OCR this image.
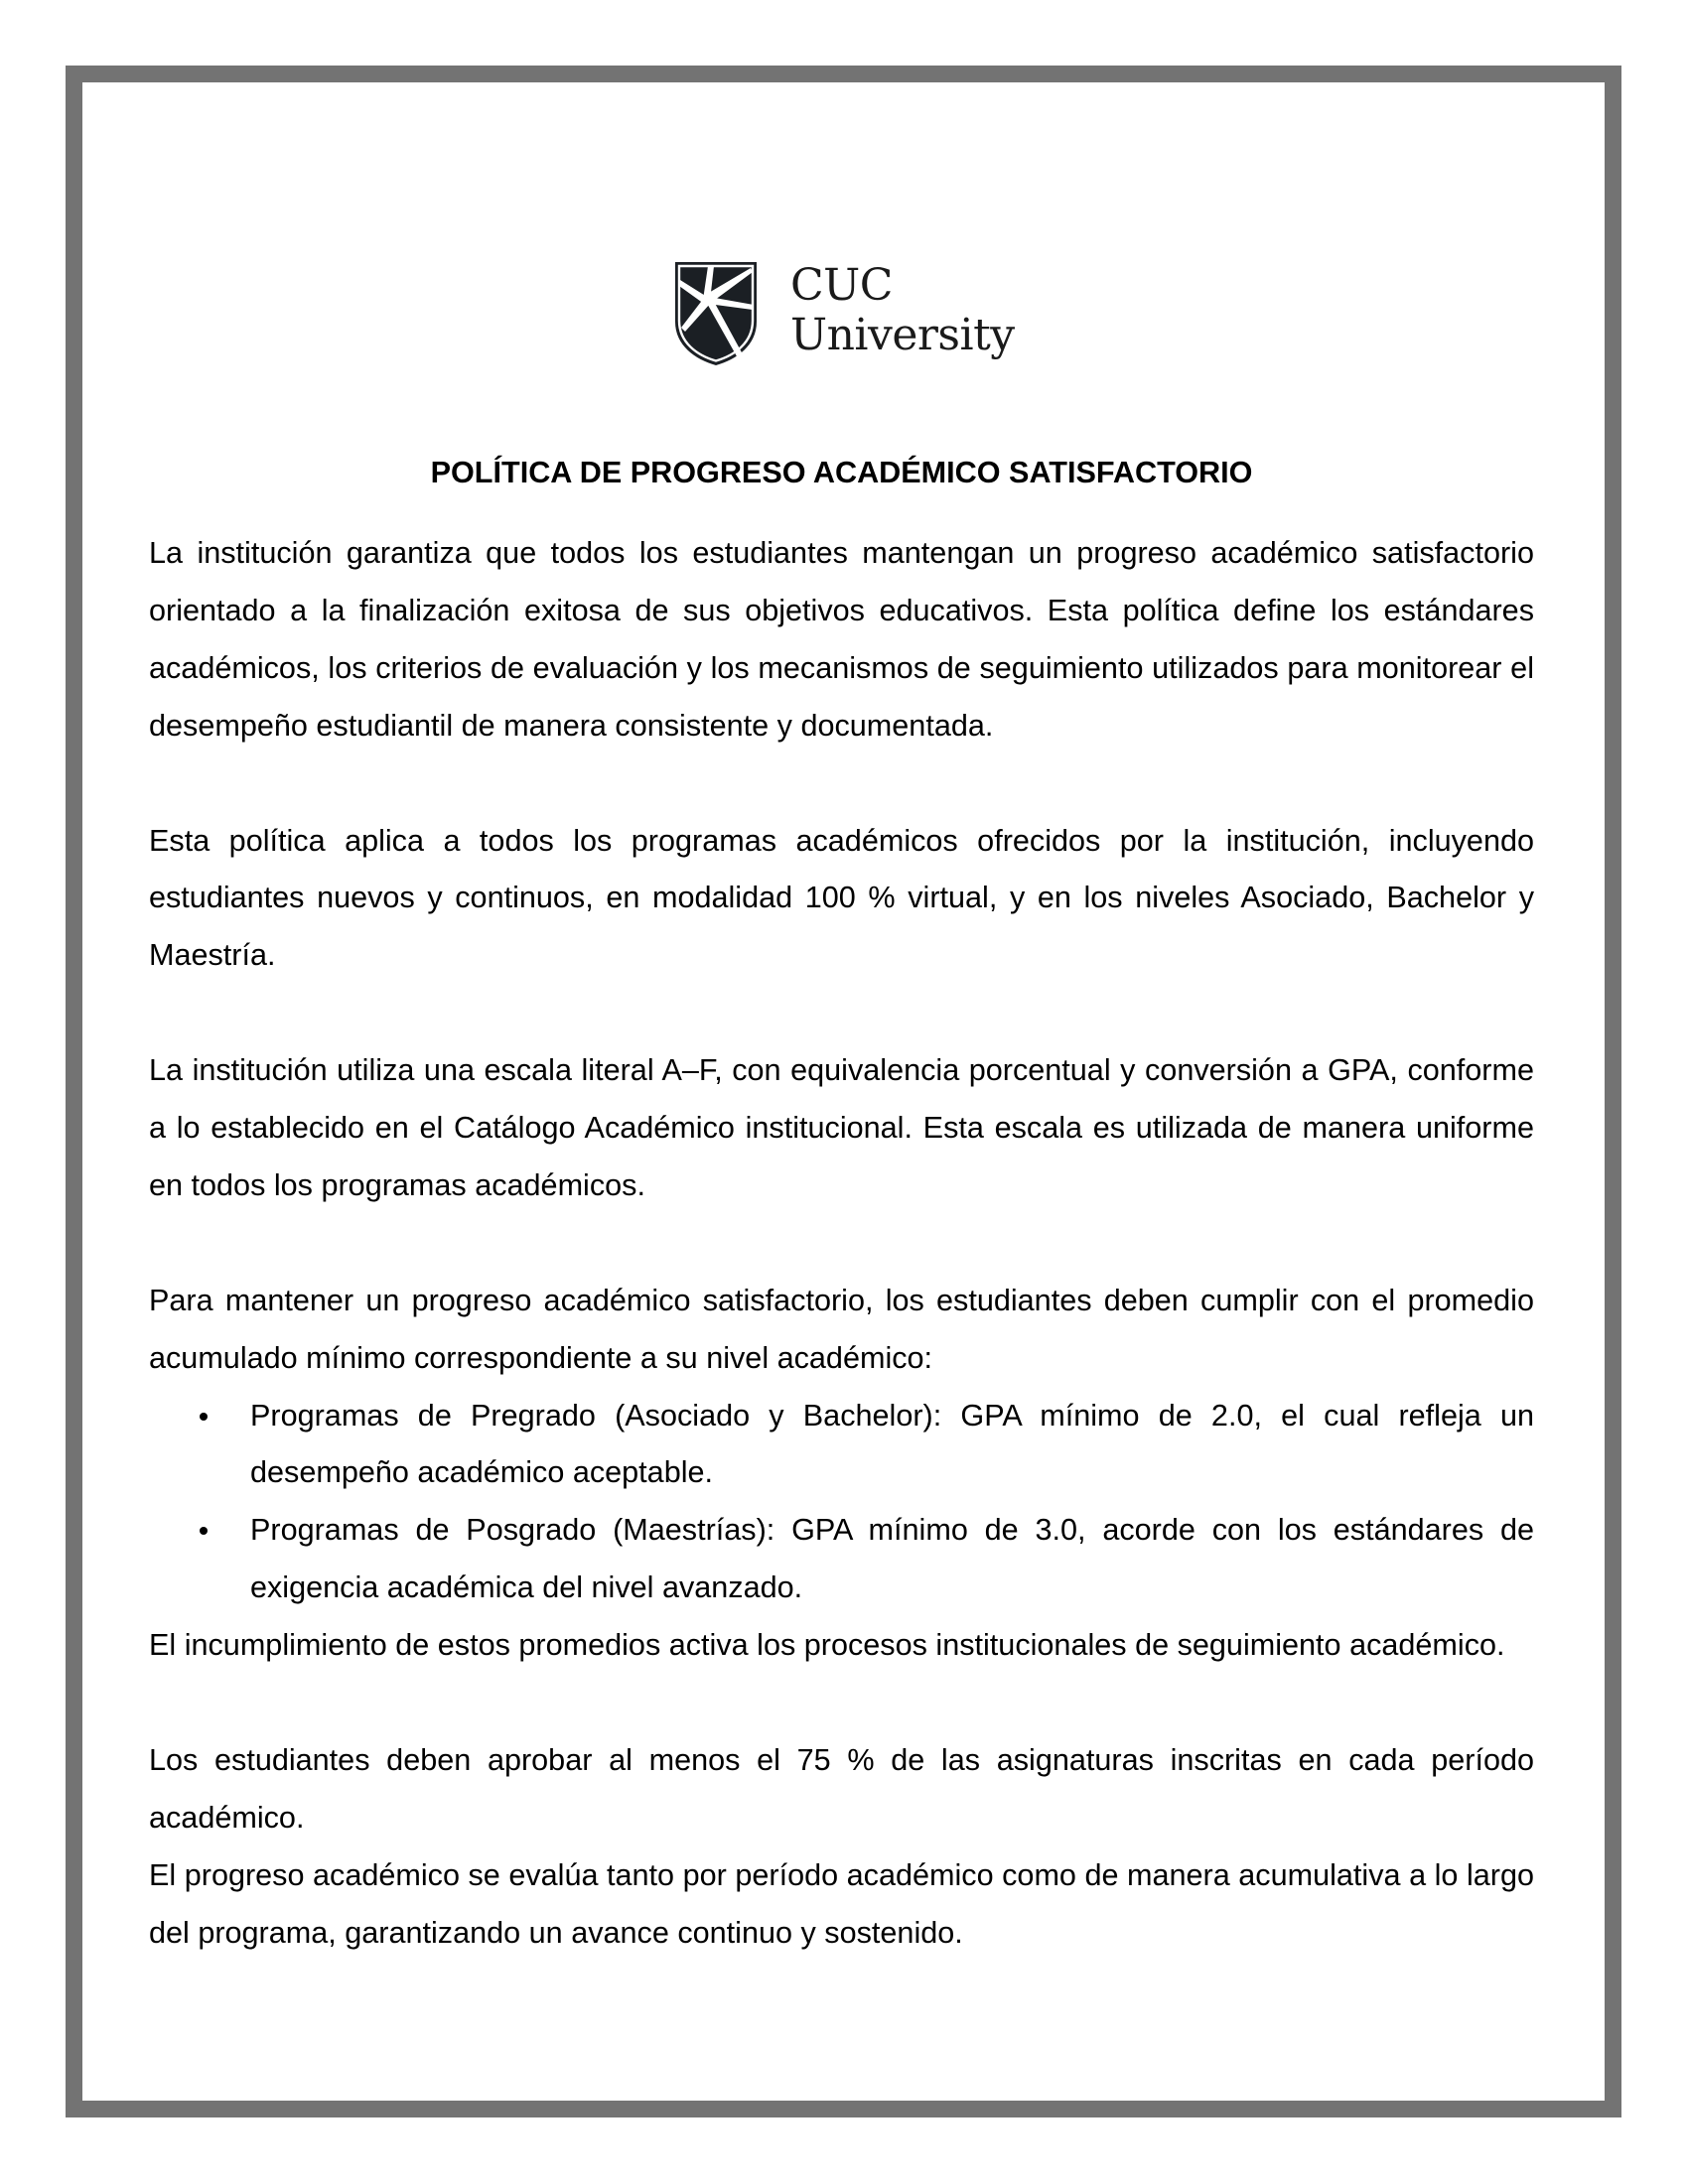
CUC
University
POLÍTICA DE PROGRESO ACADÉMICO SATISFACTORIO

La institución garantiza que todos los estudiantes mantengan un progreso académico satisfactorio orientado a la finalización exitosa de sus objetivos educativos. Esta política define los estándares académicos, los criterios de evaluación y los mecanismos de seguimiento utilizados para monitorear el desempeño estudiantil de manera consistente y documentada.

Esta política aplica a todos los programas académicos ofrecidos por la institución, incluyendo estudiantes nuevos y continuos, en modalidad 100 % virtual, y en los niveles Asociado, Bachelor y Maestría.

La institución utiliza una escala literal A–F, con equivalencia porcentual y conversión a GPA, conforme a lo establecido en el Catálogo Académico institucional. Esta escala es utilizada de manera uniforme en todos los programas académicos.

Para mantener un progreso académico satisfactorio, los estudiantes deben cumplir con el promedio acumulado mínimo correspondiente a su nivel académico:

Programas de Pregrado (Asociado y Bachelor): GPA mínimo de 2.0, el cual refleja un desempeño académico aceptable.
Programas de Posgrado (Maestrías): GPA mínimo de 3.0, acorde con los estándares de exigencia académica del nivel avanzado.

El incumplimiento de estos promedios activa los procesos institucionales de seguimiento académico.

Los estudiantes deben aprobar al menos el 75 % de las asignaturas inscritas en cada período académico.

El progreso académico se evalúa tanto por período académico como de manera acumulativa a lo largo del programa, garantizando un avance continuo y sostenido.
